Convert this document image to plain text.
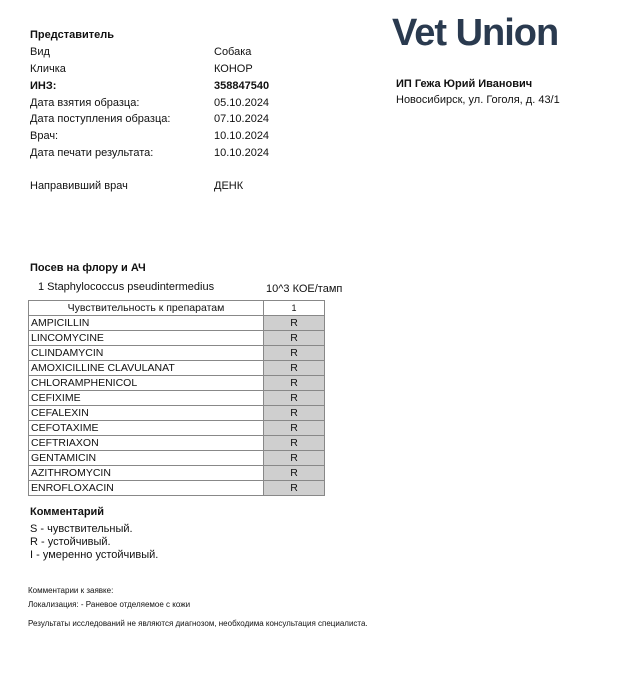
Vet Union
ИП Гежа Юрий Иванович
Новосибирск, ул. Гоголя, д. 43/1
Представитель
Вид	Собака
Кличка	КОНОР
ИНЗ:	358847540
Дата взятия образца:	05.10.2024
Дата поступления образца:	07.10.2024
Врач:	10.10.2024
Дата печати результата:	10.10.2024
Направивший врач	ДЕНК
Посев на флору и АЧ
1 Staphylococcus pseudintermedius	10^3 КОЕ/тамп
Чувствительность к препаратам	1
AMPICILLIN	R
LINCOMYCINE	R
CLINDAMYCIN	R
AMOXICILLINE CLAVULANAT	R
CHLORAMPHENICOL	R
CEFIXIME	R
CEFALEXIN	R
CEFOTAXIME	R
CEFTRIAXON	R
GENTAMICIN	R
AZITHROMYCIN	R
ENROFLOXACIN	R
Комментарий
S - чувствительный.
R - устойчивый.
I - умеренно устойчивый.
Комментарии к заявке:
Локализация: - Раневое отделяемое с кожи
Результаты исследований не являются диагнозом, необходима консультация специалиста.
